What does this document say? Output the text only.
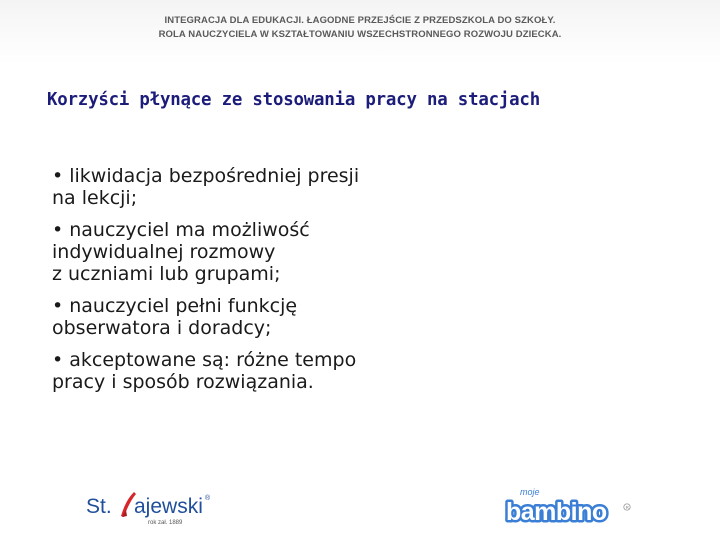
INTEGRACJA DLA EDUKACJI. ŁAGODNE PRZEJŚCIE Z PRZEDSZKOLA DO SZKOŁY.
ROLA NAUCZYCIELA W KSZTAŁTOWANIU WSZECHSTRONNEGO ROZWOJU DZIECKA.
Korzyści płynące ze stosowania pracy na stacjach
• likwidacja bezpośredniej presji
na lekcji;
• nauczyciel ma możliwość
indywidualnej rozmowy
z uczniami lub grupami;
• nauczyciel pełni funkcję
obserwatora i doradcy;
• akceptowane są: różne tempo
pracy i sposób rozwiązania.
St. ajewski ®
rok zał. 1889
moje
bambino	R
